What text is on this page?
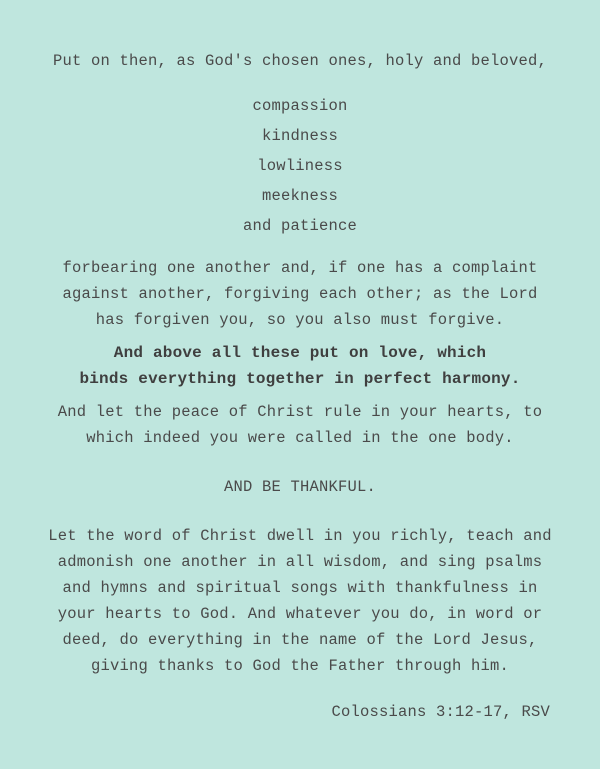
Put on then, as God's chosen ones, holy and beloved,
compassion
kindness
lowliness
meekness
and patience
forbearing one another and, if one has a complaint
against another, forgiving each other; as the Lord
has forgiven you, so you also must forgive.
And above all these put on love, which
binds everything together in perfect harmony.
And let the peace of Christ rule in your hearts, to
which indeed you were called in the one body.
AND BE THANKFUL.
Let the word of Christ dwell in you richly, teach and
admonish one another in all wisdom, and sing psalms
and hymns and spiritual songs with thankfulness in
your hearts to God. And whatever you do, in word or
deed, do everything in the name of the Lord Jesus,
giving thanks to God the Father through him.
Colossians 3:12-17, RSV
